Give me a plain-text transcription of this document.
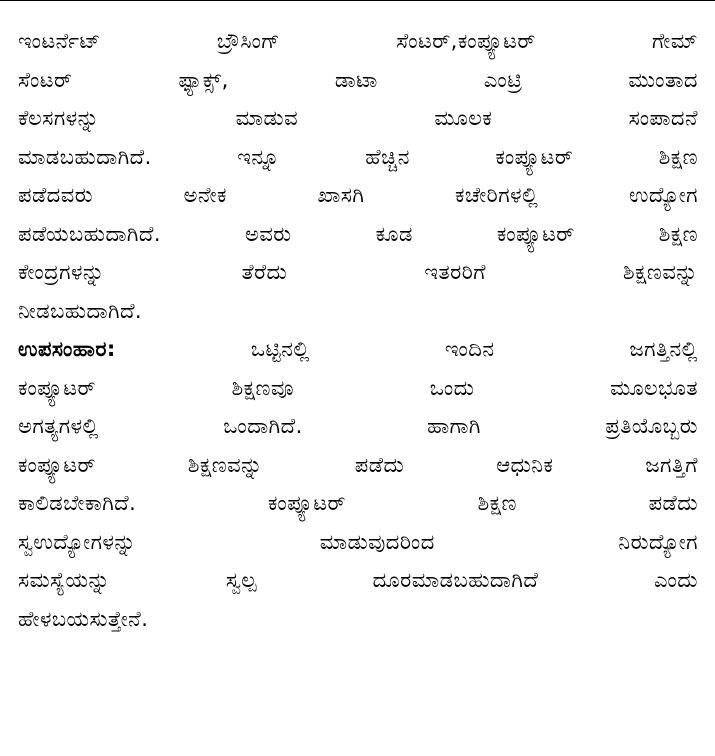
ಇಂಟರ್ನೆಟ್ ಬ್ರೌಸಿಂಗ್ ಸೆಂಟರ್,ಕಂಪ್ಯೂಟರ್ ಗೇಮ್
ಸೆಂಟರ್ ಫ್ಯಾಕ್ಸ್, ಡಾಟಾ ಎಂಟ್ರಿ ಮುಂತಾದ
ಕೆಲಸಗಳನ್ನು ಮಾಡುವ ಮೂಲಕ ಸಂಪಾದನೆ
ಮಾಡಬಹುದಾಗಿದೆ. ಇನ್ನೂ ಹೆಚ್ಚಿನ ಕಂಪ್ಯೂಟರ್ ಶಿಕ್ಷಣ
ಪಡೆದವರು ಅನೇಕ ಖಾಸಗಿ ಕಚೇರಿಗಳಲ್ಲಿ ಉದ್ಯೋಗ
ಪಡೆಯಬಹುದಾಗಿದೆ. ಅವರು ಕೂಡ ಕಂಪ್ಯೂಟರ್ ಶಿಕ್ಷಣ
ಕೇಂದ್ರಗಳನ್ನು ತೆರೆದು ಇತರರಿಗೆ ಶಿಕ್ಷಣವನ್ನು
ನೀಡಬಹುದಾಗಿದೆ.
ಉಪಸಂಹಾರ:	ಒಟ್ಟಿನಲ್ಲಿ ಇಂದಿನ ಜಗತ್ತಿನಲ್ಲಿ
ಕಂಪ್ಯೂಟರ್ ಶಿಕ್ಷಣವೂ ಒಂದು ಮೂಲಭೂತ
ಅಗತ್ಯಗಳಲ್ಲಿ ಒಂದಾಗಿದೆ. ಹಾಗಾಗಿ ಪ್ರತಿಯೊಬ್ಬರು
ಕಂಪ್ಯೂಟರ್ ಶಿಕ್ಷಣವನ್ನು ಪಡೆದು ಆಧುನಿಕ ಜಗತ್ತಿಗೆ
ಕಾಲಿಡಬೇಕಾಗಿದೆ. ಕಂಪ್ಯೂಟರ್ ಶಿಕ್ಷಣ ಪಡೆದು
ಸ್ವಉದ್ಯೋಗಳನ್ನು ಮಾಡುವುದರಿಂದ ನಿರುದ್ಯೋಗ
ಸಮಸ್ಯೆಯನ್ನು ಸ್ವಲ್ಪ ದೂರಮಾಡಬಹುದಾಗಿದೆ ಎಂದು
ಹೇಳಬಯಸುತ್ತೇನೆ.
